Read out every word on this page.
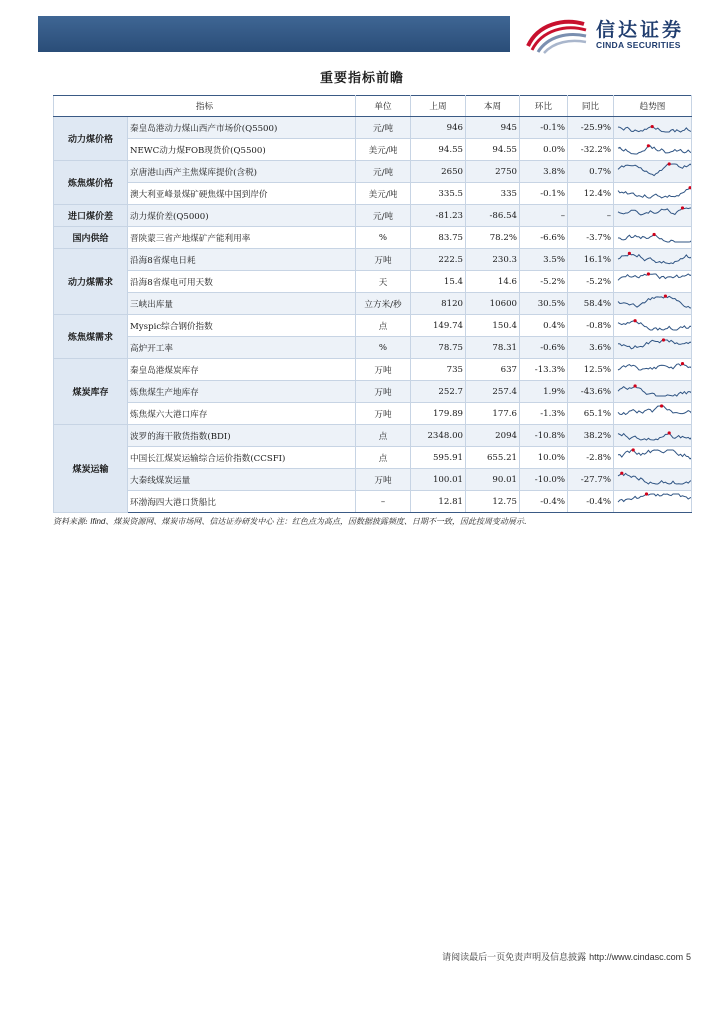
信达证券
CINDA SECURITIES
重要指标前瞻
指标		单位	上周	本周	环比	同比	趋势图
动力煤价格	秦皇岛港动力煤山西产市场价(Q5500)	元/吨	946	945	-0.1%	-25.9%	
	NEWC动力煤FOB现货价(Q5500)	美元/吨	94.55	94.55	0.0%	-32.2%	
炼焦煤价格	京唐港山西产主焦煤库提价(含税)	元/吨	2650	2750	3.8%	0.7%	
	澳大利亚峰景煤矿硬焦煤中国到岸价	美元/吨	335.5	335	-0.1%	12.4%	
进口煤价差	动力煤价差(Q5000)	元/吨	-81.23	-86.54	–	–	
国内供给	晋陕蒙三省产地煤矿产能利用率	%	83.75	78.2%	-6.6%	-3.7%	
动力煤需求	沿海8省煤电日耗	万吨	222.5	230.3	3.5%	16.1%	
	沿海8省煤电可用天数	天	15.4	14.6	-5.2%	-5.2%	
	三峡出库量	立方米/秒	8120	10600	30.5%	58.4%	
炼焦煤需求	Myspic综合钢价指数	点	149.74	150.4	0.4%	-0.8%	
	高炉开工率	%	78.75	78.31	-0.6%	3.6%	
煤炭库存	秦皇岛港煤炭库存	万吨	735	637	-13.3%	12.5%	
	炼焦煤生产地库存	万吨	252.7	257.4	1.9%	-43.6%	
	炼焦煤六大港口库存	万吨	179.89	177.6	-1.3%	65.1%	
煤炭运输	波罗的海干散货指数(BDI)	点	2348.00	2094	-10.8%	38.2%	
	中国长江煤炭运输综合运价指数(CCSFI)	点	595.91	655.21	10.0%	-2.8%	
	大秦线煤炭运量	万吨	100.01	90.01	-10.0%	-27.7%	
	环渤海四大港口货船比	–	12.81	12.75	-0.4%	-0.4%	
资料来源: Ifind、煤炭资源网、煤炭市场网、信达证券研发中心 注：红色点为高点，因数据披露频度、日期不一致，因此按周变动展示.
请阅读最后一页免责声明及信息披露 http://www.cindasc.com 5
